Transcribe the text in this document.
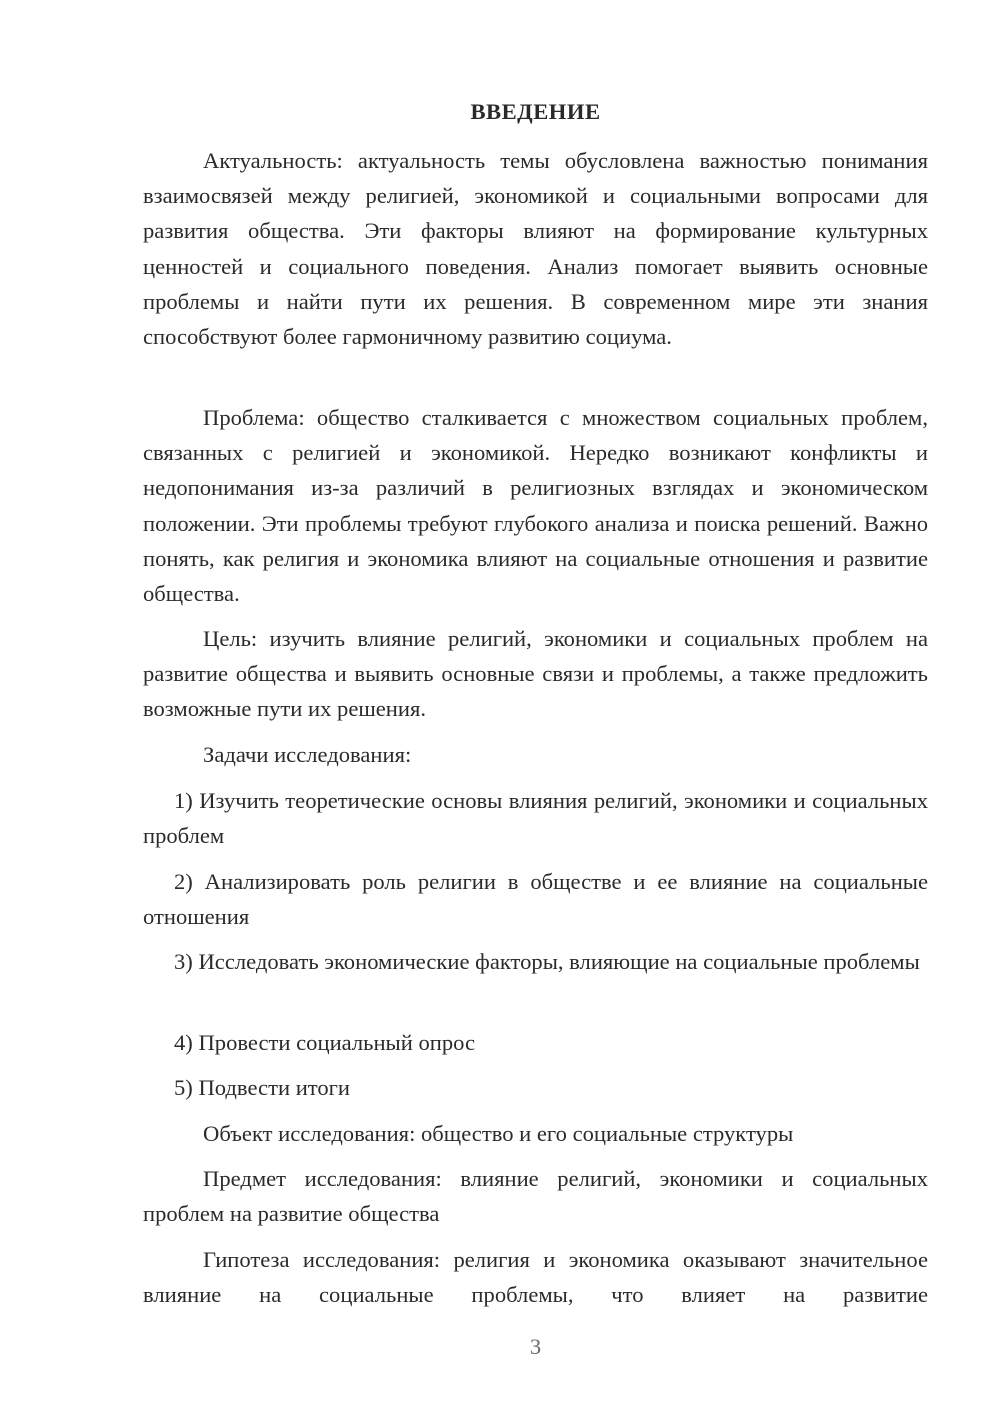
ВВЕДЕНИЕ

Актуальность: актуальность темы обусловлена важностью понимания взаимосвязей между религией, экономикой и социальными вопросами для развития общества. Эти факторы влияют на формирование культурных ценностей и социального поведения. Анализ помогает выявить основные проблемы и найти пути их решения. В современном мире эти знания способствуют более гармоничному развитию социума.

Проблема: общество сталкивается с множеством социальных проблем, связанных с религией и экономикой. Нередко возникают конфликты и недопонимания из-за различий в религиозных взглядах и экономическом положении. Эти проблемы требуют глубокого анализа и поиска решений. Важно понять, как религия и экономика влияют на социальные отношения и развитие общества.

Цель: изучить влияние религий, экономики и социальных проблем на развитие общества и выявить основные связи и проблемы, а также предложить возможные пути их решения.

Задачи исследования:

1) Изучить теоретические основы влияния религий, экономики и социальных проблем

2) Анализировать роль религии в обществе и ее влияние на социальные отношения

3) Исследовать экономические факторы, влияющие на социальные проблемы

4) Провести социальный опрос

5) Подвести итоги

Объект исследования: общество и его социальные структуры

Предмет исследования: влияние религий, экономики и социальных проблем на развитие общества

Гипотеза исследования: религия и экономика оказывают значительное влияние на социальные проблемы, что влияет на развитие

3
